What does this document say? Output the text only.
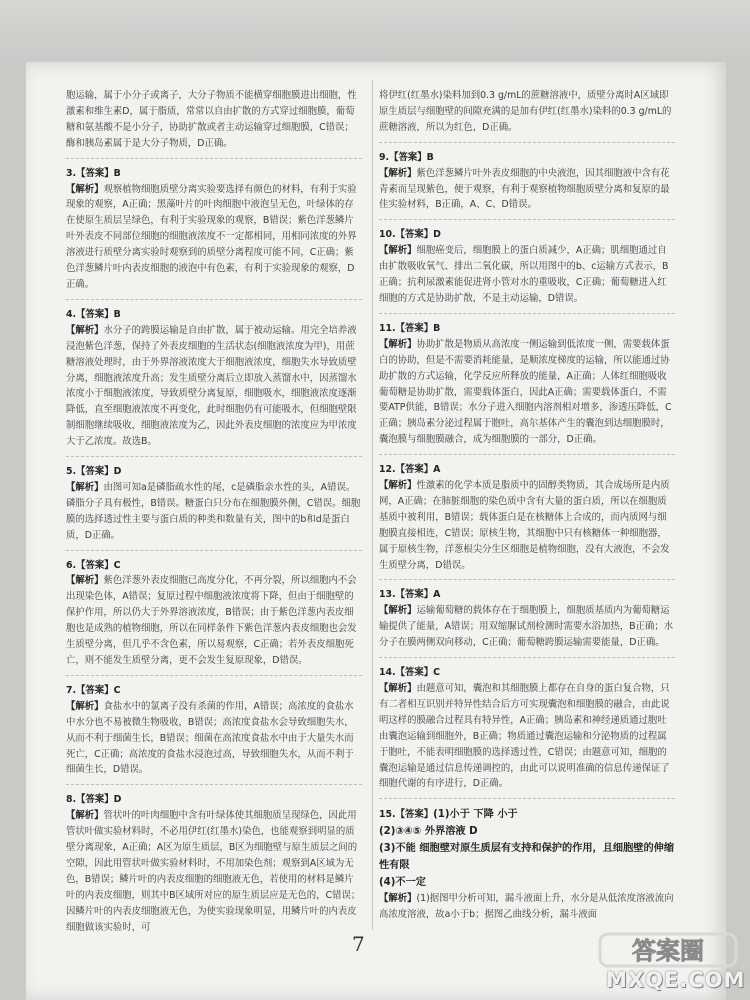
胞运输，属于小分子或离子，大分子物质不能横穿细胞膜进出细胞，性激素和维生素D，属于脂质，常常以自由扩散的方式穿过细胞膜，葡萄糖和氨基酸不是小分子，协助扩散或者主动运输穿过细胞膜，C错误；酶和胰岛素属于是大分子物质，D正确。
3.【答案】B
【解析】观察植物细胞质壁分离实验要选择有颜色的材料，有利于实验现象的观察，A正确；黑藻叶片的叶肉细胞中液泡呈无色，叶绿体的存在使原生质层呈绿色，有利于实验现象的观察，B错误；紫色洋葱鳞片叶外表皮不同部位细胞的细胞液浓度不一定都相同，用相同浓度的外界溶液进行质壁分离实验时观察到的质壁分离程度可能不同，C正确；紫色洋葱鳞片叶内表皮细胞的液泡中有色素，有利于实验现象的观察，D正确。
4.【答案】B
【解析】水分子的跨膜运输是自由扩散，属于被动运输。用完全培养液浸泡紫色洋葱，保持了外表皮细胞的生活状态(细胞液浓度为甲)，用蔗糖溶液处理时，由于外界溶液浓度大于细胞液浓度，细胞失水导致质壁分离，细胞液浓度升高；发生质壁分离后立即放入蒸馏水中，因蒸馏水浓度小于细胞液浓度，导致质壁分离复原，细胞吸水，细胞液浓度逐渐降低，直至细胞液浓度不再变化，此时细胞仍有可能吸水，但细胞壁限制细胞继续吸收，细胞液浓度为乙，因此外表皮细胞的浓度应为甲浓度大于乙浓度。故选B。
5.【答案】D
【解析】由图可知a是磷脂疏水性的尾，c是磷脂亲水性的头，A错误。磷脂分子具有极性，B错误。糖蛋白只分布在细胞膜外侧，C错误。细胞膜的选择透过性主要与蛋白质的种类和数量有关，图中的b和d是蛋白质，D正确。
6.【答案】C
【解析】紫色洋葱外表皮细胞已高度分化，不再分裂，所以细胞内不会出现染色体，A错误；复原过程中细胞液浓度将下降，但由于细胞壁的保护作用，所以仍大于外界溶液浓度，B错误；由于紫色洋葱内表皮细胞也是成熟的植物细胞，所以在同样条件下紫色洋葱内表皮细胞也会发生质壁分离，但几乎不含色素，所以易观察，C正确；若外表皮细胞死亡，则不能发生质壁分离，更不会发生复原现象，D错误。
7.【答案】C
【解析】食盐水中的氯离子没有杀菌的作用，A错误；高浓度的食盐水中水分也不易被微生物吸收，B错误；高浓度食盐水会导致细胞失水，从而不利于细菌生长，B错误；细菌在高浓度食盐水中由于大量失水而死亡，C正确；高浓度的食盐水浸泡过高，导致细胞失水，从而不利于细菌生长，D错误。
8.【答案】D
【解析】管状叶的叶肉细胞中含有叶绿体使其细胞质呈现绿色，因此用管状叶做实验材料时，不必用伊红(红墨水)染色，也能观察到明显的质壁分离现象，A正确；A区为原生质层，B区为细胞壁与原生质层之间的空隙，因此用管状叶做实验材料时，不用加染色剂；观察到A区域为无色，B错误；鳞片叶的内表皮细胞的细胞液无色，若使用的材料是鳞片叶的内表皮细胞，则其中B区域所对应的原生质层应是无色的，C错误；因鳞片叶的内表皮细胞液无色，为使实验现象明显，用鳞片叶的内表皮细胞做该实验时，可
将伊红(红墨水)染料加到0.3 g/mL的蔗糖溶液中，质壁分离时A区域即原生质层与细胞壁的间隙充满的是加有伊红(红墨水)染料的0.3 g/mL的蔗糖溶液，所以为红色，D正确。
9.【答案】B
【解析】紫色洋葱鳞片叶外表皮细胞的中央液泡，因其细胞液中含有花青素而呈现紫色，便于观察，有利于观察植物细胞质壁分离和复原的最佳实验材料，B正确，A、C、D错误。
10.【答案】D
【解析】细胞癌变后，细胞膜上的蛋白质减少，A正确；肌细胞通过自由扩散吸收氧气、排出二氧化碳，所以用图中的b、c运输方式表示，B正确；抗利尿激素能促进肾小管对水的重吸收，C正确；葡萄糖进入红细胞的方式是协助扩散，不是主动运输，D错误。
11.【答案】B
【解析】协助扩散是物质从高浓度一侧运输到低浓度一侧，需要载体蛋白的协助，但是不需要消耗能量，是顺浓度梯度的运输，所以能通过协助扩散的方式运输，化学反应所释放的能量，A正确；人体红细胞吸收葡萄糖是协助扩散，需要载体蛋白，因此A正确；需要载体蛋白，不需要ATP供能，B错误；水分子进入细胞内溶剂相对增多，渗透压降低，C正确；胰岛素分泌过程属于胞吐，高尔基体产生的囊泡到达细胞膜时，囊泡膜与细胞膜融合，成为细胞膜的一部分，D正确。
12.【答案】A
【解析】性激素的化学本质是脂质中的固醇类物质，其合成场所是内质网，A正确；在肺脏细胞的染色质中含有大量的蛋白质，所以在细胞质基质中被利用，B错误；载体蛋白是在核糖体上合成的，而内质网与细胞膜直接相连，C错误；原核生物，其细胞中只有核糖体一种细胞器，属于原核生物，洋葱根尖分生区细胞是植物细胞，没有大液泡，不会发生质壁分离，D错误。
13.【答案】A
【解析】运输葡萄糖的载体存在于细胞膜上，细胞质基质内为葡萄糖运输提供了能量，A错误；用双缩脲试剂检测时需要水浴加热，B正确；水分子在膜两侧双向移动，C正确；葡萄糖跨膜运输需要能量，D正确。
14.【答案】C
【解析】由题意可知，囊泡和其细胞膜上都存在自身的蛋白复合物，只有二者相互识别并特异性结合后方可实现囊泡和细胞膜的融合，由此说明这样的膜融合过程具有特异性，A正确；胰岛素和神经递质通过胞吐由囊泡运输到细胞外，B正确；物质通过囊泡运输和分泌物质的过程属于胞吐，不能表明细胞膜的选择透过性，C错误；由题意可知，细胞的囊泡运输是通过信息传递调控的，由此可以说明准确的信息传递保证了细胞代谢的有序进行，D正确。
15.【答案】(1)小于 下降 小于
(2)③④⑤ 外界溶液 D
(3)不能 细胞壁对原生质层有支持和保护的作用，且细胞壁的伸缩性有限
(4)不一定
【解析】(1)据图甲分析可知，漏斗液面上升，水分是从低浓度溶液流向高浓度溶液，故a小于b；据图乙曲线分析，漏斗液面
7	答案圈
MXQE.COM
